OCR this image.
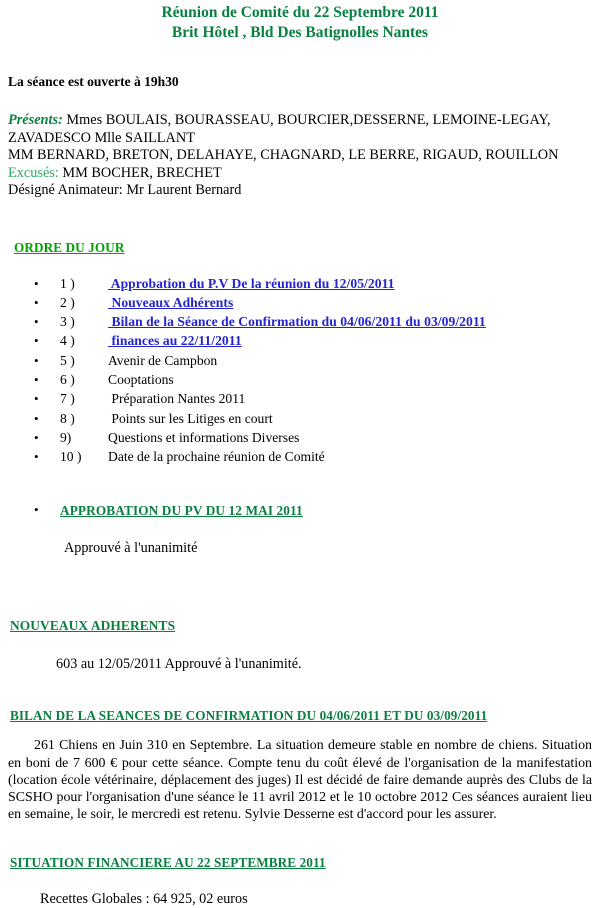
Réunion de Comité du 22 Septembre 2011
Brit Hôtel , Bld Des Batignolles Nantes
La séance est ouverte à 19h30
Présents: Mmes BOULAIS, BOURASSEAU, BOURCIER,DESSERNE, LEMOINE-LEGAY,
ZAVADESCO Mlle SAILLANT
MM BERNARD, BRETON, DELAHAYE, CHAGNARD, LE BERRE, RIGAUD, ROUILLON
Excusés: MM BOCHER, BRECHET
Désigné Animateur: Mr Laurent Bernard
ORDRE DU JOUR
• 1 ) Approbation du P.V De la réunion du 12/05/2011
• 2 ) Nouveaux Adhérents
• 3 ) Bilan de la Séance de Confirmation du 04/06/2011 du 03/09/2011
• 4 ) finances au 22/11/2011
• 5 ) Avenir de Campbon
• 6 ) Cooptations
• 7 ) Préparation Nantes 2011
• 8 ) Points sur les Litiges en court
• 9)	Questions et informations Diverses
• 10 ) Date de la prochaine réunion de Comité
• APPROBATION DU PV DU 12 MAI 2011
Approuvé à l'unanimité
NOUVEAUX ADHERENTS
603 au 12/05/2011 Approuvé à l'unanimité.
BILAN DE LA SEANCES DE CONFIRMATION DU 04/06/2011 ET DU 03/09/2011
261 Chiens en Juin 310 en Septembre. La situation demeure stable en nombre de chiens. Situation en boni de 7 600 € pour cette séance. Compte tenu du coût élevé de l'organisation de la manifestation (location école vétérinaire, déplacement des juges) Il est décidé de faire demande auprès des Clubs de la SCSHO pour l'organisation d'une séance le 11 avril 2012 et le 10 octobre 2012 Ces séances auraient lieu en semaine, le soir, le mercredi est retenu. Sylvie Desserne est d'accord pour les assurer.
SITUATION FINANCIERE AU 22 SEPTEMBRE 2011
Recettes Globales : 64 925, 02 euros
